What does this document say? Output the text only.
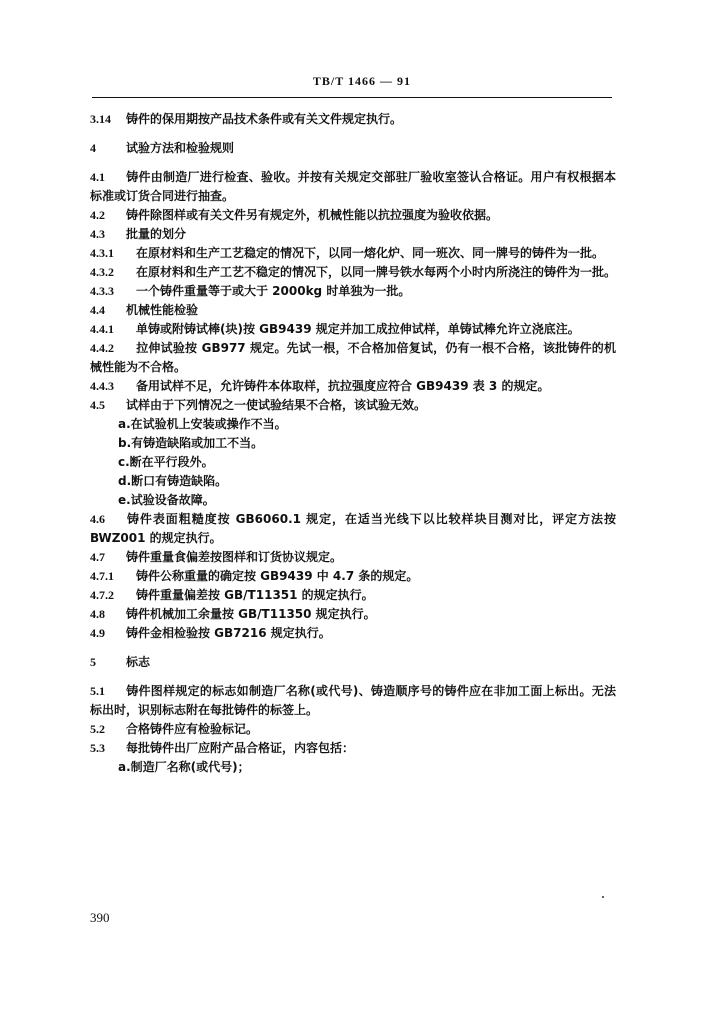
TB/T 1466 — 91

3.14 铸件的保用期按产品技术条件或有关文件规定执行。

4	试验方法和检验规则

4.1 铸件由制造厂进行检查、验收。并按有关规定交部驻厂验收室签认合格证。用户有权根据本标准或订货合同进行抽查。

4.2 铸件除图样或有关文件另有规定外，机械性能以抗拉强度为验收依据。

4.3 批量的划分

4.3.1 在原材料和生产工艺稳定的情况下，以同一熔化炉、同一班次、同一牌号的铸件为一批。

4.3.2 在原材料和生产工艺不稳定的情况下，以同一牌号铁水每两个小时内所浇注的铸件为一批。

4.3.3 一个铸件重量等于或大于 2000kg 时单独为一批。

4.4 机械性能检验

4.4.1 单铸或附铸试棒(块)按 GB9439 规定并加工成拉伸试样，单铸试棒允许立浇底注。

4.4.2 拉伸试验按 GB977 规定。先试一根，不合格加倍复试，仍有一根不合格，该批铸件的机械性能为不合格。

4.4.3 备用试样不足，允许铸件本体取样，抗拉强度应符合 GB9439 表 3 的规定。

4.5 试样由于下列情况之一使试验结果不合格，该试验无效。

a.在试验机上安装或操作不当。

b.有铸造缺陷或加工不当。

c.断在平行段外。

d.断口有铸造缺陷。

e.试验设备故障。

4.6 铸件表面粗糙度按 GB6060.1 规定，在适当光线下以比较样块目测对比，评定方法按 BWZ001 的规定执行。

4.7 铸件重量食偏差按图样和订货协议规定。

4.7.1 铸件公称重量的确定按 GB9439 中 4.7 条的规定。

4.7.2 铸件重量偏差按 GB/T11351 的规定执行。

4.8 铸件机械加工余量按 GB/T11350 规定执行。

4.9 铸件金相检验按 GB7216 规定执行。

5	标志

5.1 铸件图样规定的标志如制造厂名称(或代号)、铸造顺序号的铸件应在非加工面上标出。无法标出时，识别标志附在每批铸件的标签上。

5.2 合格铸件应有检验标记。

5.3 每批铸件出厂应附产品合格证，内容包括：

a.制造厂名称(或代号)；

390
